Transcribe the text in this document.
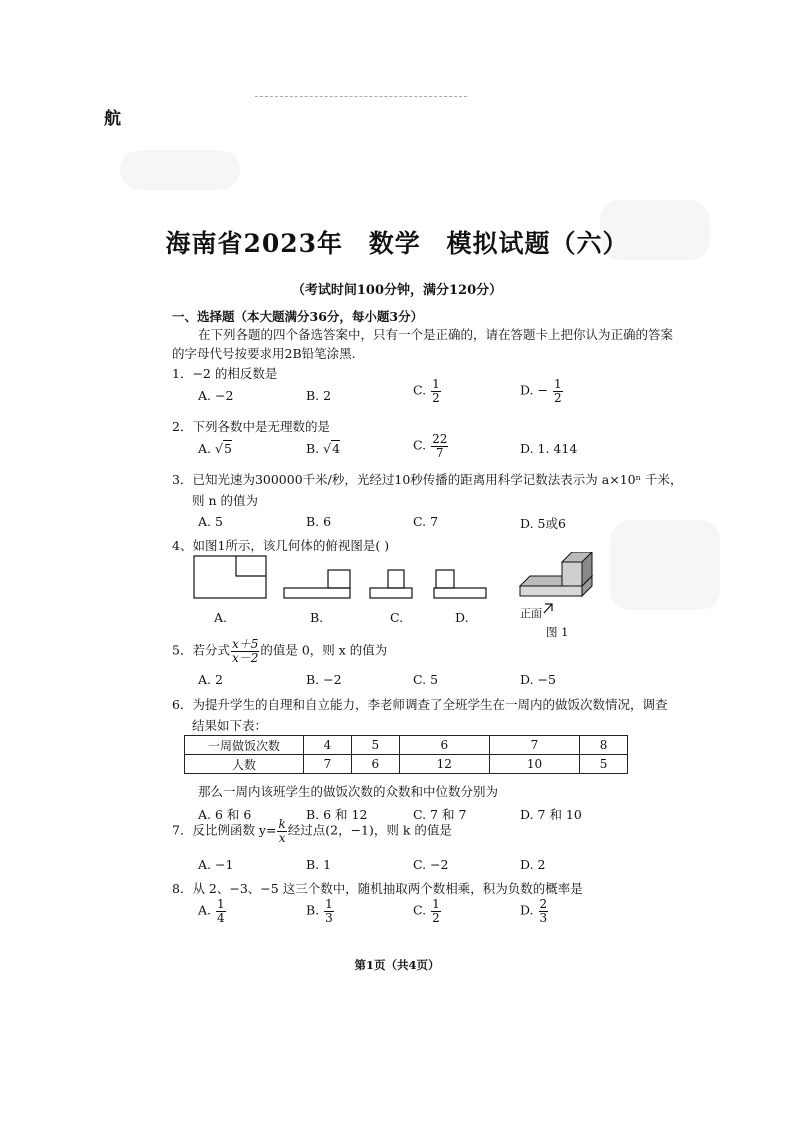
航
海南省2023年 数学 模拟试题（六）
（考试时间100分钟，满分120分）
一、选择题（本大题满分36分，每小题3分）
在下列各题的四个备选答案中，只有一个是正确的，请在答题卡上把你认为正确的答案
的字母代号按要求用2B铅笔涂黑.
1．−2 的相反数是
A. −2	B. 2	C. $\frac{1}{2}$	D. − $\frac{1}{2}$
2．下列各数中是无理数的是
A. √5	B. √4	C. $\frac{22}{7}$	D. 1. 414
3．已知光速为300000千米/秒，光经过10秒传播的距离用科学记数法表示为 a×10ⁿ 千米，
则 n 的值为
A. 5	B. 6	C. 7	D. 5或6
4、如图1所示，该几何体的俯视图是( )
A.	B.	C.	D.	正面
图 1
5．若分式 $\frac{x+5}{x-2}$ 的值是 0，则 x 的值为
A. 2	B. −2	C. 5	D. −5
6．为提升学生的自理和自立能力，李老师调查了全班学生在一周内的做饭次数情况，调查
结果如下表：
一周做饭次数	4	5	6	7	8
人数	7	6	12	10	5
那么一周内该班学生的做饭次数的众数和中位数分别为
A. 6 和 6	B. 6 和 12	C. 7 和 7	D. 7 和 10
7．反比例函数 $y= \frac{k}{x}$ 经过点(2，−1)，则 k 的值是
A. −1	B. 1	C. −2	D. 2
8．从 2、−3、−5 这三个数中，随机抽取两个数相乘，积为负数的概率是
A. $\frac{1}{4}$	B. $\frac{1}{3}$	C. $\frac{1}{2}$	D. $\frac{2}{3}$
第1页（共4页）
